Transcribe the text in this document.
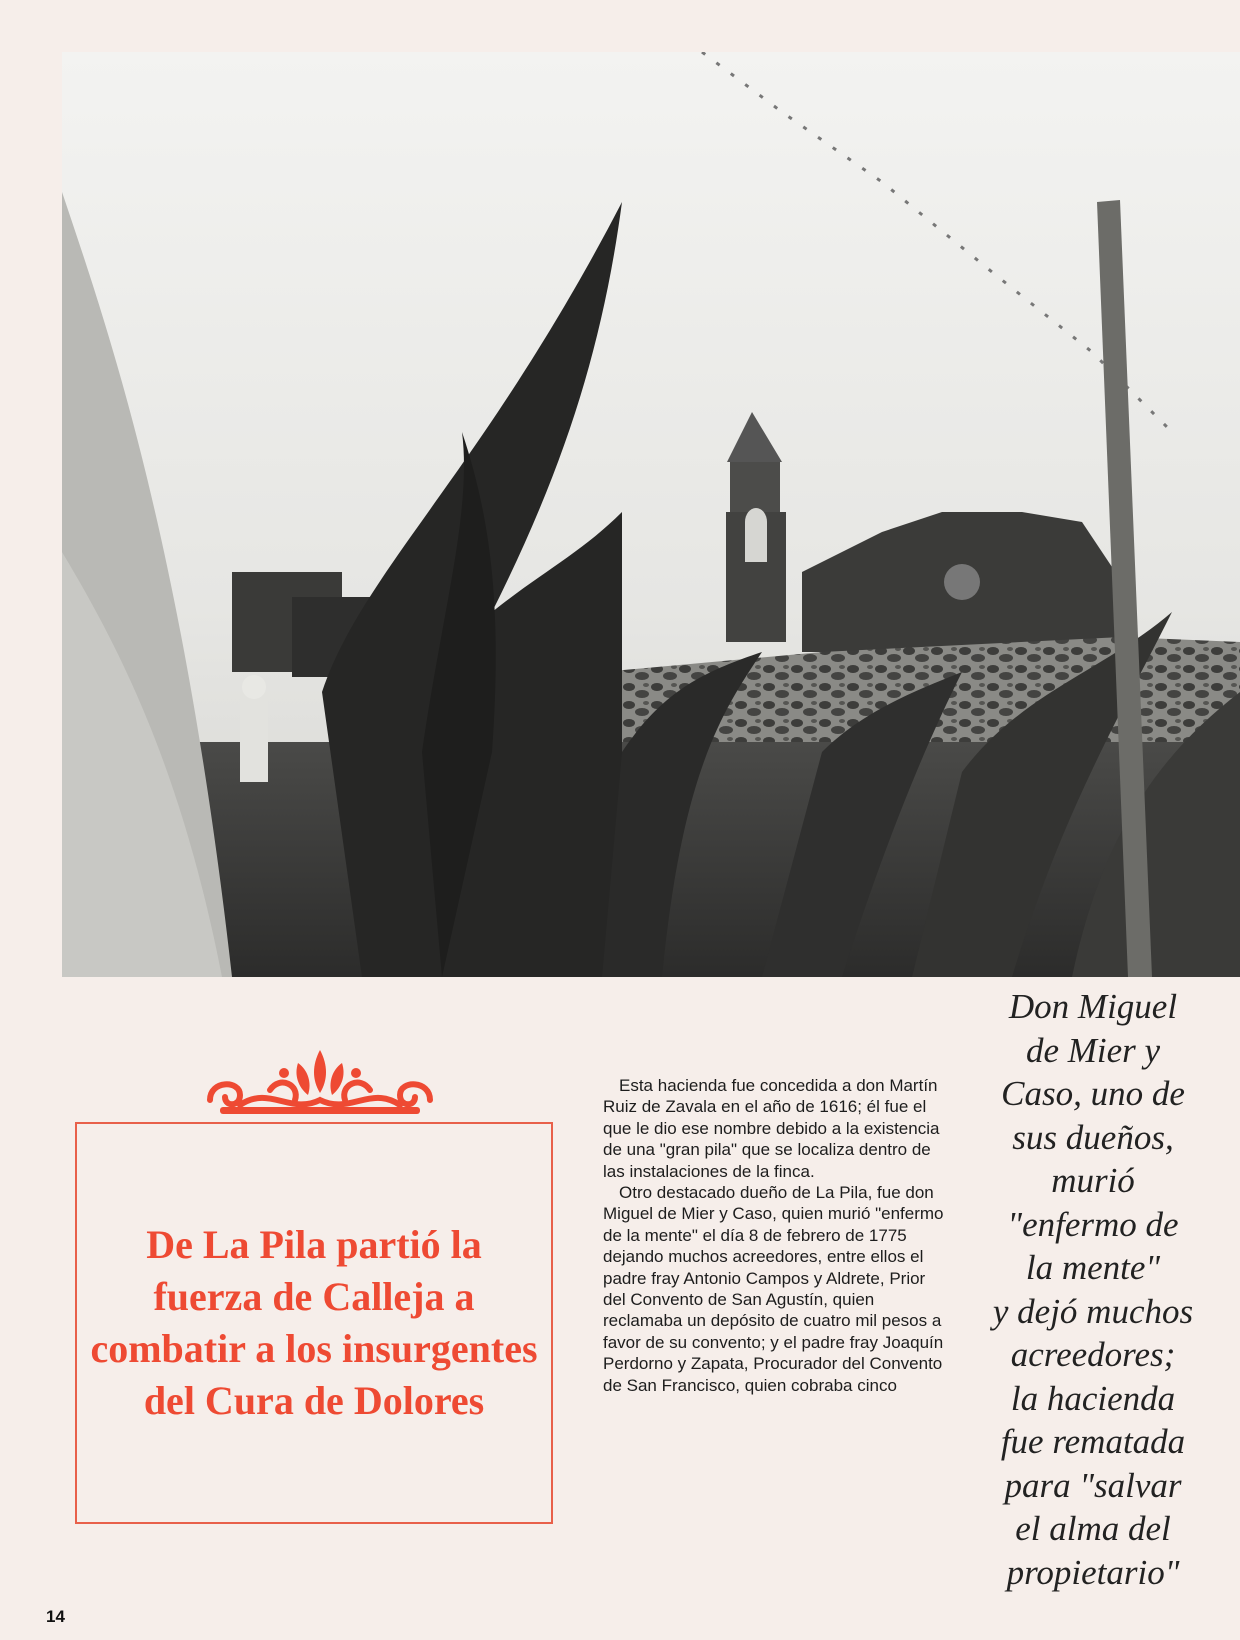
De La Pila partió la fuerza de Calleja a combatir a los insurgentes del Cura de Dolores

Esta hacienda fue concedida a don Martín Ruiz de Zavala en el año de 1616; él fue el que le dio ese nombre debido a la existencia de una "gran pila" que se localiza dentro de las instalaciones de la finca.

Otro destacado dueño de La Pila, fue don Miguel de Mier y Caso, quien murió "enfermo de la mente" el día 8 de febrero de 1775 dejando muchos acreedores, entre ellos el padre fray Antonio Campos y Aldrete, Prior del Convento de San Agustín, quien reclamaba un depósito de cuatro mil pesos a favor de su convento; y el padre fray Joaquín Perdorno y Zapata, Procurador del Convento de San Francisco, quien cobraba cinco

Don Miguel
de Mier y
Caso, uno de
sus dueños,
murió
"enfermo de
la mente"
y dejó muchos
acreedores;
la hacienda
fue rematada
para "salvar
el alma del
propietario"
14
